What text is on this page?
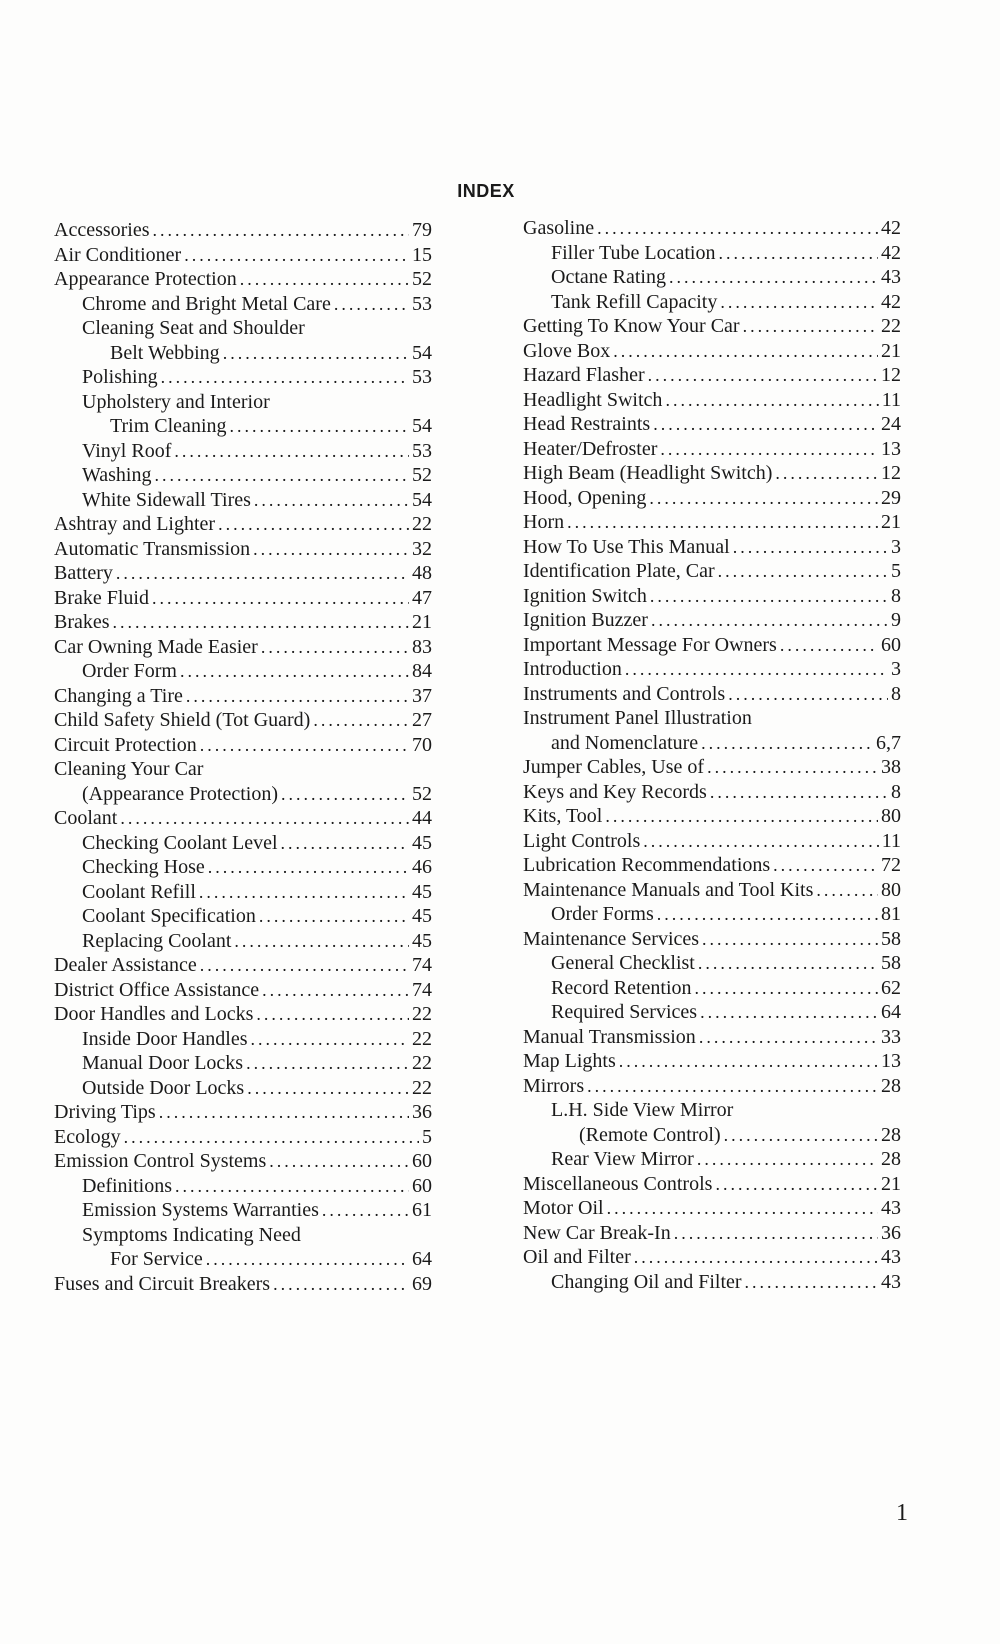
INDEX
Accessories .....	79
Air Conditioner .....	15
Appearance Protection .....	52
Chrome and Bright Metal Care .....	53
Cleaning Seat and Shoulder
Belt Webbing .....	54
Polishing .....	53
Upholstery and Interior
Trim Cleaning .....	54
Vinyl Roof .....	53
Washing .....	52
White Sidewall Tires .....	54
Ashtray and Lighter .....	22
Automatic Transmission .....	32
Battery .....	48
Brake Fluid .....	47
Brakes .....	21
Car Owning Made Easier .....	83
Order Form .....	84
Changing a Tire .....	37
Child Safety Shield (Tot Guard) .....	27
Circuit Protection .....	70
Cleaning Your Car
(Appearance Protection) .....	52
Coolant .....	44
Checking Coolant Level .....	45
Checking Hose .....	46
Coolant Refill .....	45
Coolant Specification .....	45
Replacing Coolant .....	45
Dealer Assistance .....	74
District Office Assistance .....	74
Door Handles and Locks .....	22
Inside Door Handles .....	22
Manual Door Locks .....	22
Outside Door Locks .....	22
Driving Tips .....	36
Ecology .....	5
Emission Control Systems .....	60
Definitions .....	60
Emission Systems Warranties .....	61
Symptoms Indicating Need
For Service .....	64
Fuses and Circuit Breakers .....	69
Gasoline .....	42
Filler Tube Location .....	42
Octane Rating .....	43
Tank Refill Capacity .....	42
Getting To Know Your Car .....	22
Glove Box .....	21
Hazard Flasher .....	12
Headlight Switch .....	11
Head Restraints .....	24
Heater/Defroster .....	13
High Beam (Headlight Switch) .....	12
Hood, Opening .....	29
Horn .....	21
How To Use This Manual .....	3
Identification Plate, Car .....	5
Ignition Switch .....	8
Ignition Buzzer .....	9
Important Message For Owners .....	60
Introduction .....	3
Instruments and Controls .....	8
Instrument Panel Illustration
and Nomenclature .....	6,7
Jumper Cables, Use of .....	38
Keys and Key Records .....	8
Kits, Tool .....	80
Light Controls .....	11
Lubrication Recommendations .....	72
Maintenance Manuals and Tool Kits .....	80
Order Forms .....	81
Maintenance Services .....	58
General Checklist .....	58
Record Retention .....	62
Required Services .....	64
Manual Transmission .....	33
Map Lights .....	13
Mirrors .....	28
L.H. Side View Mirror
(Remote Control) .....	28
Rear View Mirror .....	28
Miscellaneous Controls .....	21
Motor Oil .....	43
New Car Break-In .....	36
Oil and Filter .....	43
Changing Oil and Filter .....	43
1
